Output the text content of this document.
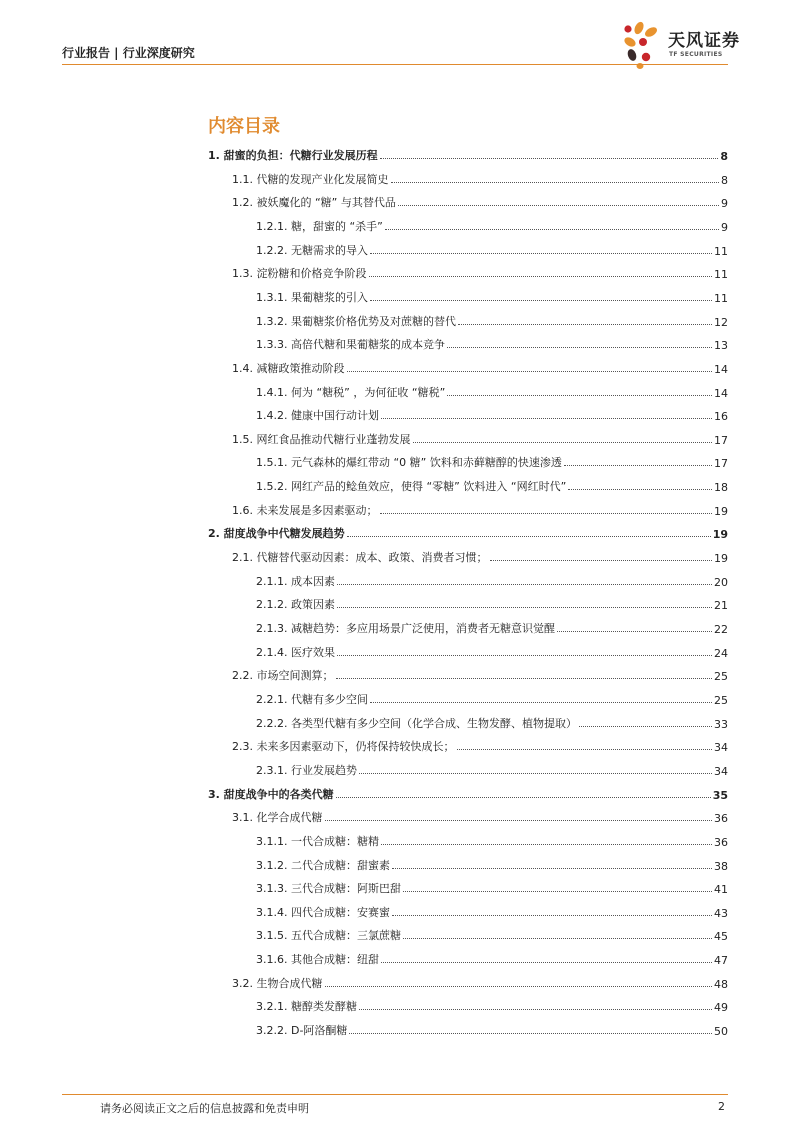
行业报告 | 行业深度研究
天风证券
TF SECURITIES
内容目录
1. 甜蜜的负担：代糖行业发展历程	8
1.1. 代糖的发现产业化发展简史	8
1.2. 被妖魔化的 “糖” 与其替代品	9
1.2.1. 糖，甜蜜的 “杀手”	9
1.2.2. 无糖需求的导入	11
1.3. 淀粉糖和价格竞争阶段	11
1.3.1. 果葡糖浆的引入	11
1.3.2. 果葡糖浆价格优势及对蔗糖的替代	12
1.3.3. 高倍代糖和果葡糖浆的成本竞争	13
1.4. 减糖政策推动阶段	14
1.4.1. 何为 “糖税” ，为何征收 “糖税”	14
1.4.2. 健康中国行动计划	16
1.5. 网红食品推动代糖行业蓬勃发展	17
1.5.1. 元气森林的爆红带动 “0 糖” 饮料和赤藓糖醇的快速渗透	17
1.5.2. 网红产品的鲶鱼效应，使得 “零糖” 饮料进入 “网红时代”	18
1.6. 未来发展是多因素驱动；	19
2. 甜度战争中代糖发展趋势	19
2.1. 代糖替代驱动因素：成本、政策、消费者习惯；	19
2.1.1. 成本因素	20
2.1.2. 政策因素	21
2.1.3. 减糖趋势：多应用场景广泛使用，消费者无糖意识觉醒	22
2.1.4. 医疗效果	24
2.2. 市场空间测算；	25
2.2.1. 代糖有多少空间	25
2.2.2. 各类型代糖有多少空间（化学合成、生物发酵、植物提取）	33
2.3. 未来多因素驱动下，仍将保持较快成长；	34
2.3.1. 行业发展趋势	34
3. 甜度战争中的各类代糖	35
3.1. 化学合成代糖	36
3.1.1. 一代合成糖：糖精	36
3.1.2. 二代合成糖：甜蜜素	38
3.1.3. 三代合成糖：阿斯巴甜	41
3.1.4. 四代合成糖：安赛蜜	43
3.1.5. 五代合成糖：三氯蔗糖	45
3.1.6. 其他合成糖：纽甜	47
3.2. 生物合成代糖	48
3.2.1. 糖醇类发酵糖	49
3.2.2. D-阿洛酮糖	50
请务必阅读正文之后的信息披露和免责申明	2
